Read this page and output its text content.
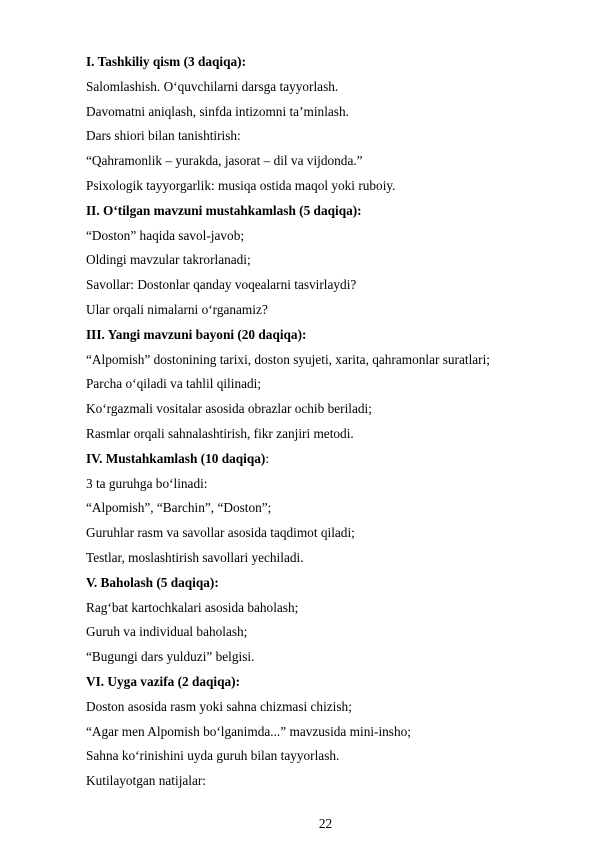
I. Tashkiliy qism (3 daqiqa):
Salomlashish. O‘quvchilarni darsga tayyorlash.
Davomatni aniqlash, sinfda intizomni ta’minlash.
Dars shiori bilan tanishtirish:
“Qahramonlik – yurakda, jasorat – dil va vijdonda.”
Psixologik tayyorgarlik: musiqa ostida maqol yoki ruboiy.
II. O‘tilgan mavzuni mustahkamlash (5 daqiqa):
“Doston” haqida savol-javob;
Oldingi mavzular takrorlanadi;
Savollar: Dostonlar qanday voqealarni tasvirlaydi?
Ular orqali nimalarni o‘rganamiz?
III. Yangi mavzuni bayoni (20 daqiqa):
“Alpomish” dostonining tarixi, doston syujeti, xarita, qahramonlar suratlari;
Parcha o‘qiladi va tahlil qilinadi;
Ko‘rgazmali vositalar asosida obrazlar ochib beriladi;
Rasmlar orqali sahnalashtirish, fikr zanjiri metodi.
IV. Mustahkamlash (10 daqiqa):
3 ta guruhga bo‘linadi:
“Alpomish”, “Barchin”, “Doston”;
Guruhlar rasm va savollar asosida taqdimot qiladi;
Testlar, moslashtirish savollari yechiladi.
V. Baholash (5 daqiqa):
Rag‘bat kartochkalari asosida baholash;
Guruh va individual baholash;
“Bugungi dars yulduzi” belgisi.
VI. Uyga vazifa (2 daqiqa):
Doston asosida rasm yoki sahna chizmasi chizish;
“Agar men Alpomish bo‘lganimda...” mavzusida mini-insho;
Sahna ko‘rinishini uyda guruh bilan tayyorlash.
Kutilayotgan natijalar:
22
